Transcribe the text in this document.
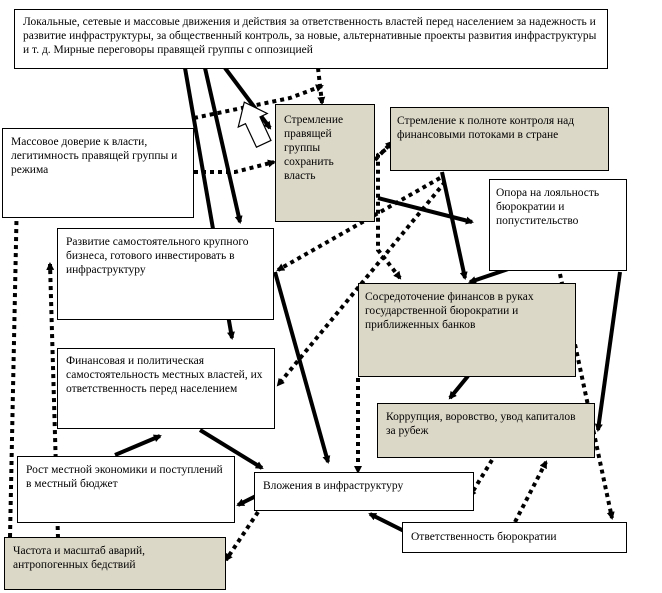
Локальные, сетевые и массовые движения и действия за ответственность властей перед населением за надежность и развитие инфраструктуры, за общественный контроль, за новые, альтернативные проекты развития инфраструктуры и т. д. Мирные переговоры правящей группы с оппозицией
Массовое доверие к власти, легитимность правящей группы и режима
Стремление правящей группы сохранить власть
Стремление к полноте контроля над финансовыми потоками в стране
Опора на лояльность бюрократии и попустительство
Развитие самостоятельного крупного бизнеса, готового инвестировать в инфраструктуру
Сосредоточение финансов в руках государственной бюрократии и приближенных банков
Финансовая и политическая самостоятельность местных властей, их ответственность перед населением
Коррупция, воровство, увод капиталов за рубеж
Рост местной экономики и поступлений в местный бюджет	Вложения в инфраструктуру
Частота и масштаб аварий, антропогенных бедствий
Ответственность бюрократии
